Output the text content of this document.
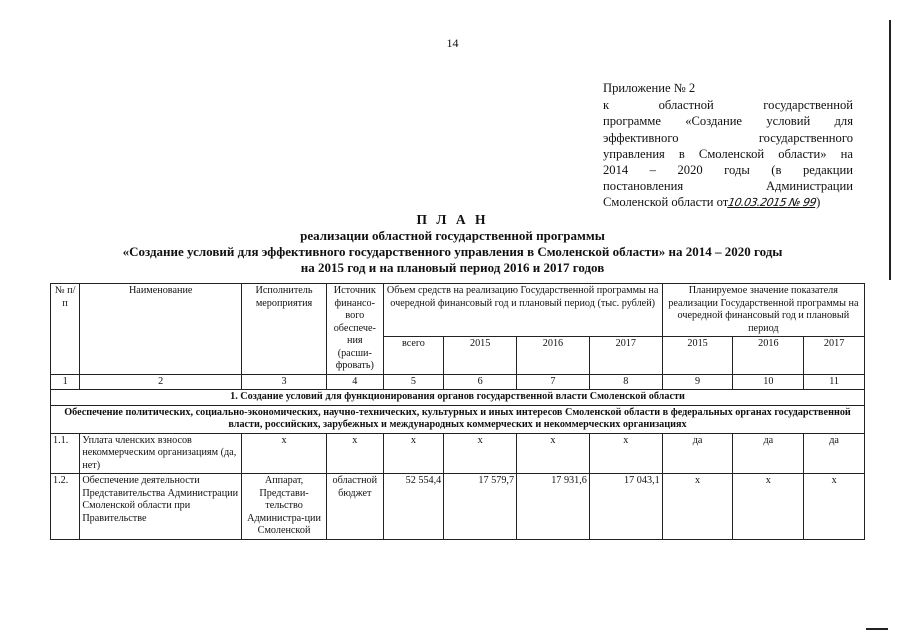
14
Приложение № 2
к областной государственной
программе «Создание условий для
эффективного государственного
управления в Смоленской области» на
2014 – 2020 годы (в редакции
постановления Администрации
Смоленской области от10.03.2015 № 99)
П Л А Н
реализации областной государственной программы
«Создание условий для эффективного государственного управления в Смоленской области» на 2014 – 2020 годы
на 2015 год и на плановый период 2016 и 2017 годов
№ п/п	Наименование	Исполнитель мероприятия	Источник финансо-вого обеспече-ния (расши-фровать)	Объем средств на реализацию Государственной программы на очередной финансовый год и плановый период (тыс. рублей)				Планируемое значение показателя реализации Государственной программы на очередной финансовый год и плановый период		
				всего	2015	2016	2017	2015	2016	2017
1	2	3	4	5	6	7	8	9	10	11
1. Создание условий для функционирования органов государственной власти Смоленской области										
Обеспечение политических, социально-экономических, научно-технических, культурных и иных интересов Смоленской области в федеральных органах государственной власти, российских, зарубежных и международных коммерческих и некоммерческих организациях										
1.1.	Уплата членских взносов некоммерческим организациям (да, нет)	х	х	х	х	х	х	да	да	да
1.2.	Обеспечение деятельности Представительства Администрации Смоленской области при Правительстве	Аппарат, Представи-тельство Администра-ции Смоленской	областной бюджет	52 554,4	17 579,7	17 931,6	17 043,1	х	х	х
